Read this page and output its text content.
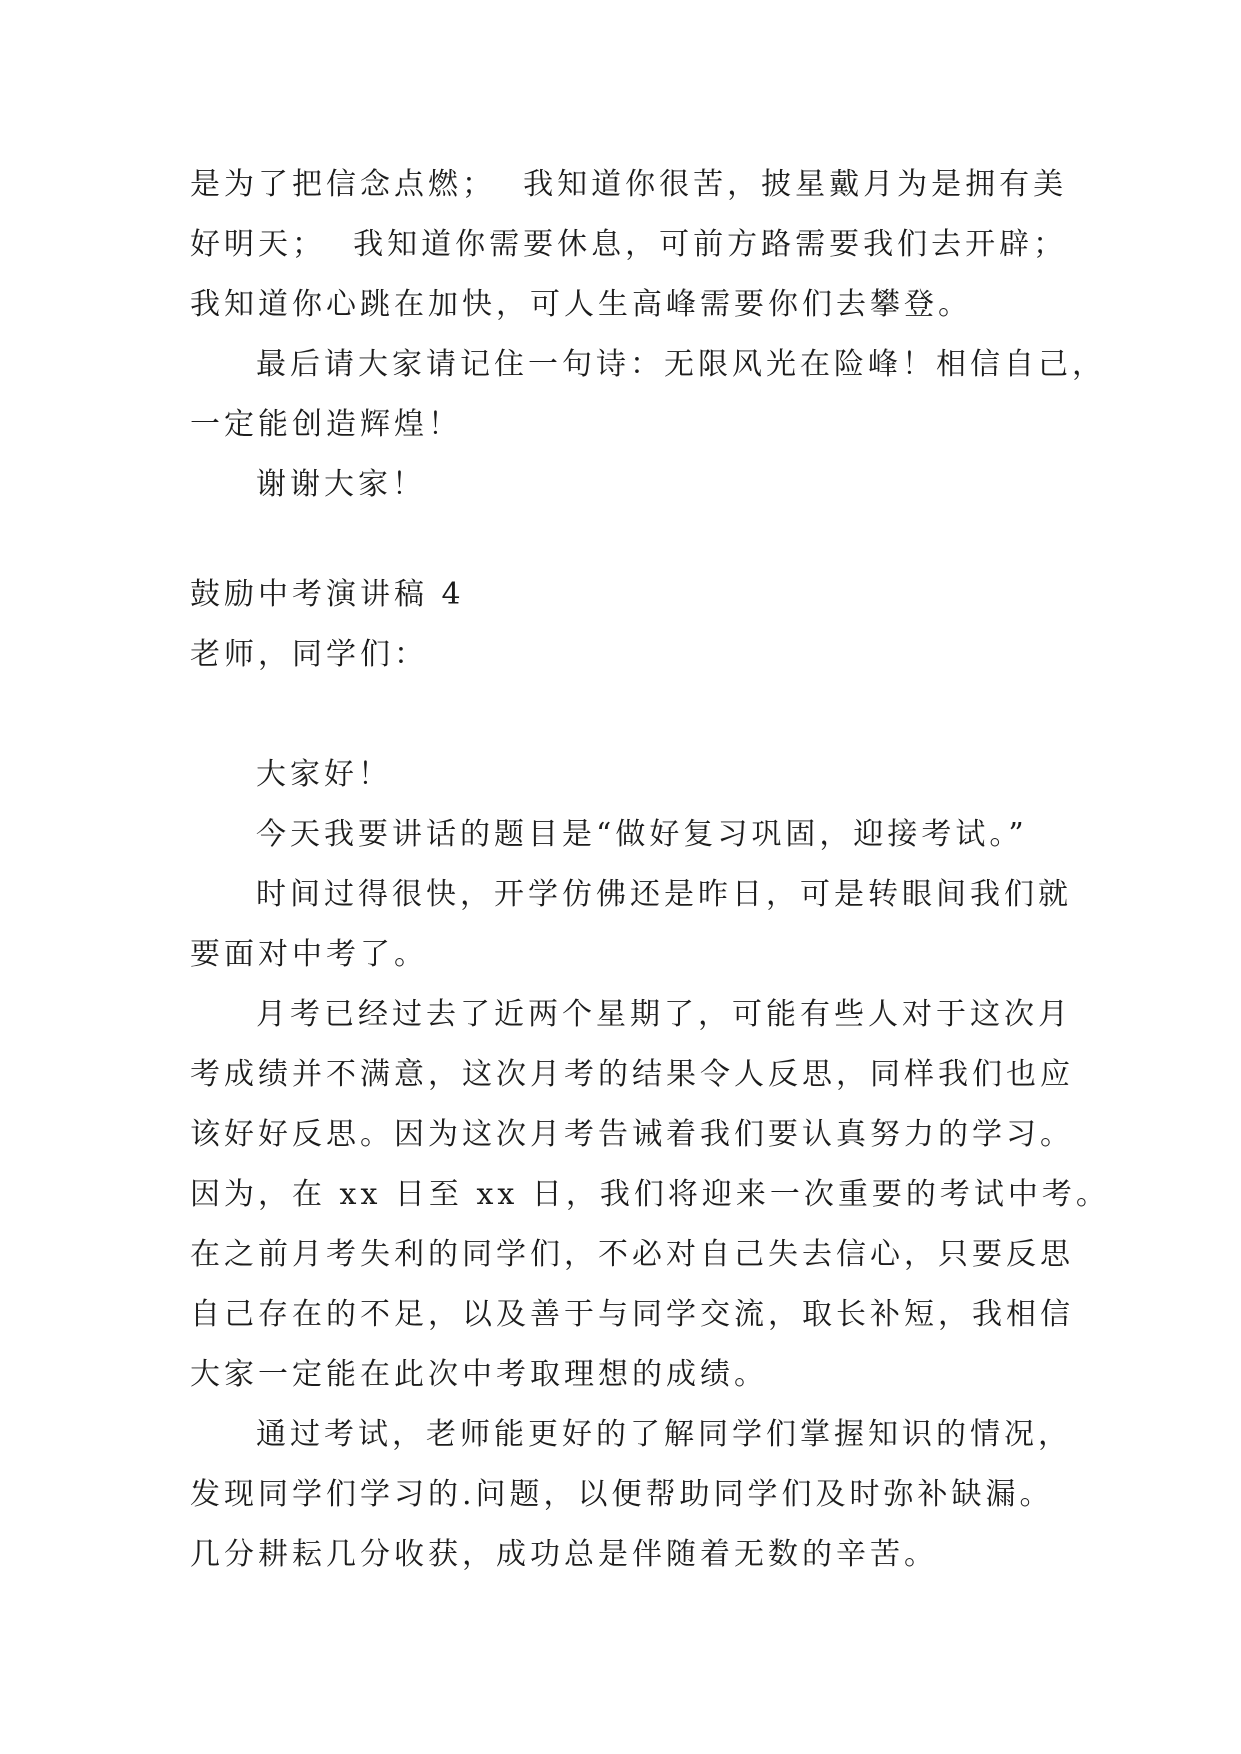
是为了把信念点燃；  我知道你很苦，披星戴月为是拥有美

好明天；  我知道你需要休息，可前方路需要我们去开辟；

我知道你心跳在加快，可人生高峰需要你们去攀登。

最后请大家请记住一句诗：无限风光在险峰！相信自己，

一定能创造辉煌！

谢谢大家！

鼓励中考演讲稿 4

老师，同学们：

大家好！

今天我要讲话的题目是“做好复习巩固，迎接考试。”

时间过得很快，开学仿佛还是昨日，可是转眼间我们就

要面对中考了。

月考已经过去了近两个星期了，可能有些人对于这次月

考成绩并不满意，这次月考的结果令人反思，同样我们也应

该好好反思。因为这次月考告诫着我们要认真努力的学习。

因为，在 xx 日至 xx 日，我们将迎来一次重要的考试中考。

在之前月考失利的同学们，不必对自己失去信心，只要反思

自己存在的不足，以及善于与同学交流，取长补短，我相信

大家一定能在此次中考取理想的成绩。

通过考试，老师能更好的了解同学们掌握知识的情况，

发现同学们学习的.问题，以便帮助同学们及时弥补缺漏。

几分耕耘几分收获，成功总是伴随着无数的辛苦。
